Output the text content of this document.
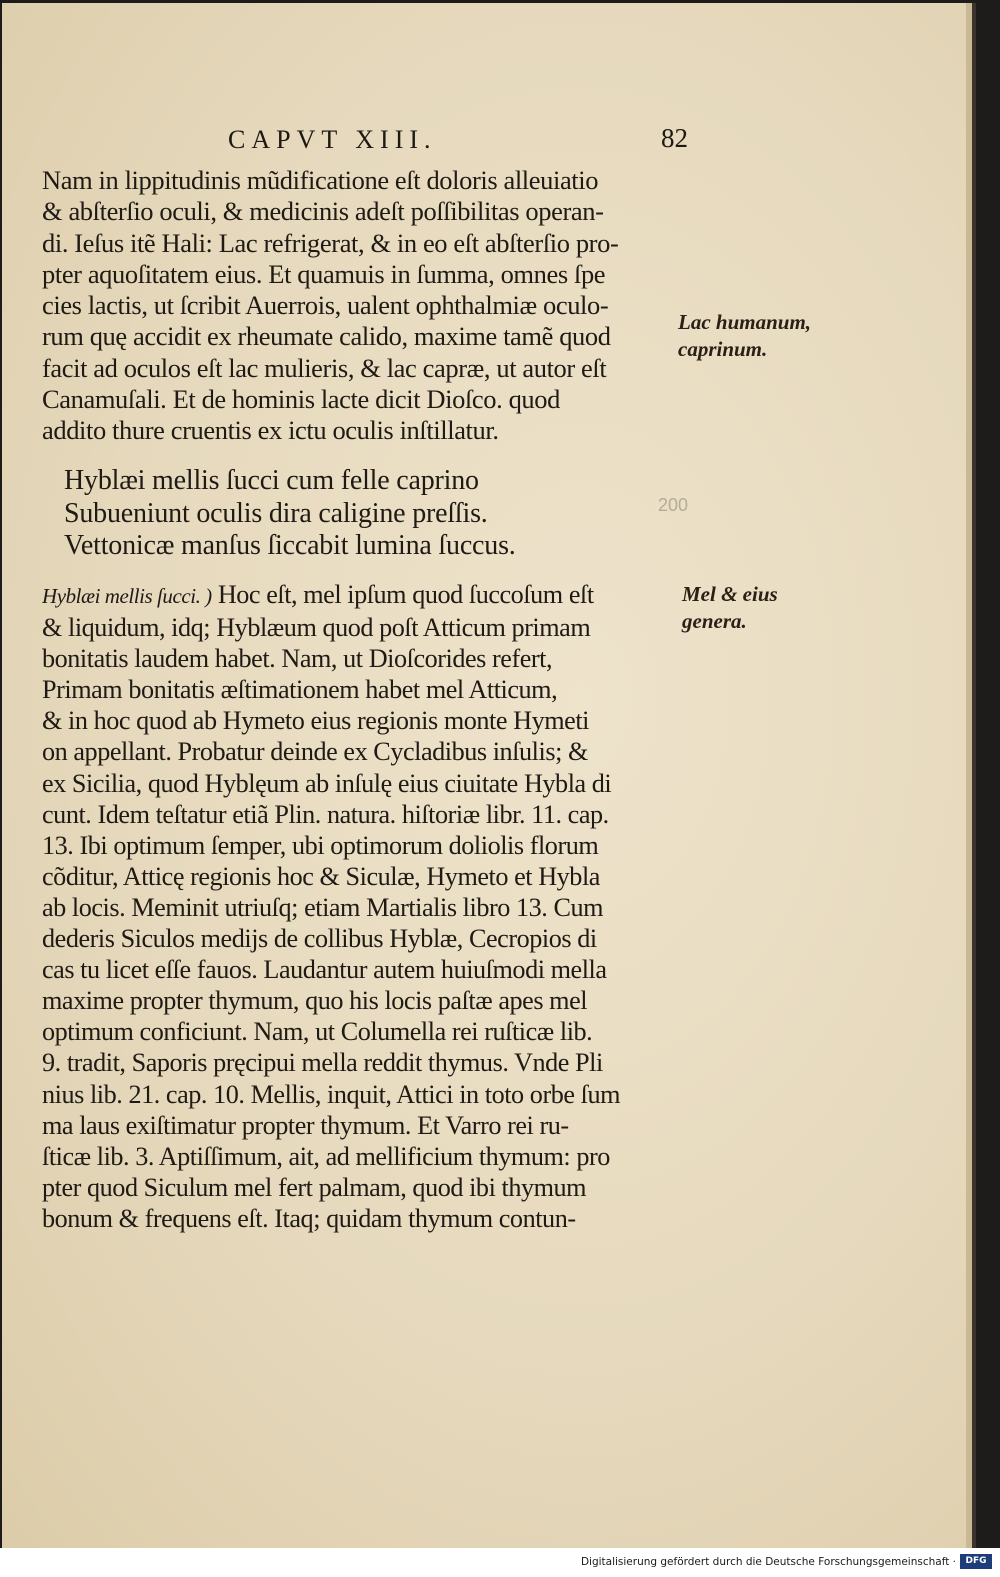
CAPVT XIII.	82
Nam in lippitudinis mũdificatione eſt doloris alleuiatio
& abſterſio oculi, & medicinis adeſt poſſibilitas operan-
di. Ieſus itẽ Hali: Lac refrigerat, & in eo eſt abſterſio pro-
pter aquoſitatem eius. Et quamuis in ſumma, omnes ſpe
cies lactis, ut ſcribit Auerrois, ualent ophthalmiæ oculo-
rum quę accidit ex rheumate calido, maxime tamẽ quod
facit ad oculos eſt lac mulieris, & lac capræ, ut autor eſt
Canamuſali. Et de hominis lacte dicit Dioſco. quod
addito thure cruentis ex ictu oculis inſtillatur.
Lac humanum,
caprinum.
Hyblæi mellis ſucci cum felle caprino
Subueniunt oculis dira caligine preſſis.
Vettonicæ manſus ſiccabit lumina ſuccus.
200
Hyblæi mellis ſucci. ) Hoc eſt, mel ipſum quod ſuccoſum eſt
& liquidum, idq; Hyblæum quod poſt Atticum primam
bonitatis laudem habet. Nam, ut Dioſcorides refert,
Primam bonitatis æſtimationem habet mel Atticum,
& in hoc quod ab Hymeto eius regionis monte Hymeti
on appellant. Probatur deinde ex Cycladibus inſulis; &
ex Sicilia, quod Hyblęum ab inſulę eius ciuitate Hybla di
cunt. Idem teſtatur etiã Plin. natura. hiſtoriæ libr. 11. cap.
13. Ibi optimum ſemper, ubi optimorum doliolis florum
cõditur, Atticę regionis hoc & Siculæ, Hymeto et Hybla
ab locis. Meminit utriuſq; etiam Martialis libro 13. Cum
dederis Siculos medijs de collibus Hyblæ, Cecropios di
cas tu licet eſſe fauos. Laudantur autem huiuſmodi mella
maxime propter thymum, quo his locis paſtæ apes mel
optimum conficiunt. Nam, ut Columella rei ruſticæ lib.
9. tradit, Saporis pręcipui mella reddit thymus. Vnde Pli
nius lib. 21. cap. 10. Mellis, inquit, Attici in toto orbe ſum
ma laus exiſtimatur propter thymum. Et Varro rei ru-
ſticæ lib. 3. Aptiſſimum, ait, ad mellificium thymum: pro
pter quod Siculum mel fert palmam, quod ibi thymum
bonum & frequens eſt. Itaq; quidam thymum contun-
Mel & eius
genera.
Digitalisierung gefördert durch die Deutsche Forschungsgemeinschaft ·	DFG
